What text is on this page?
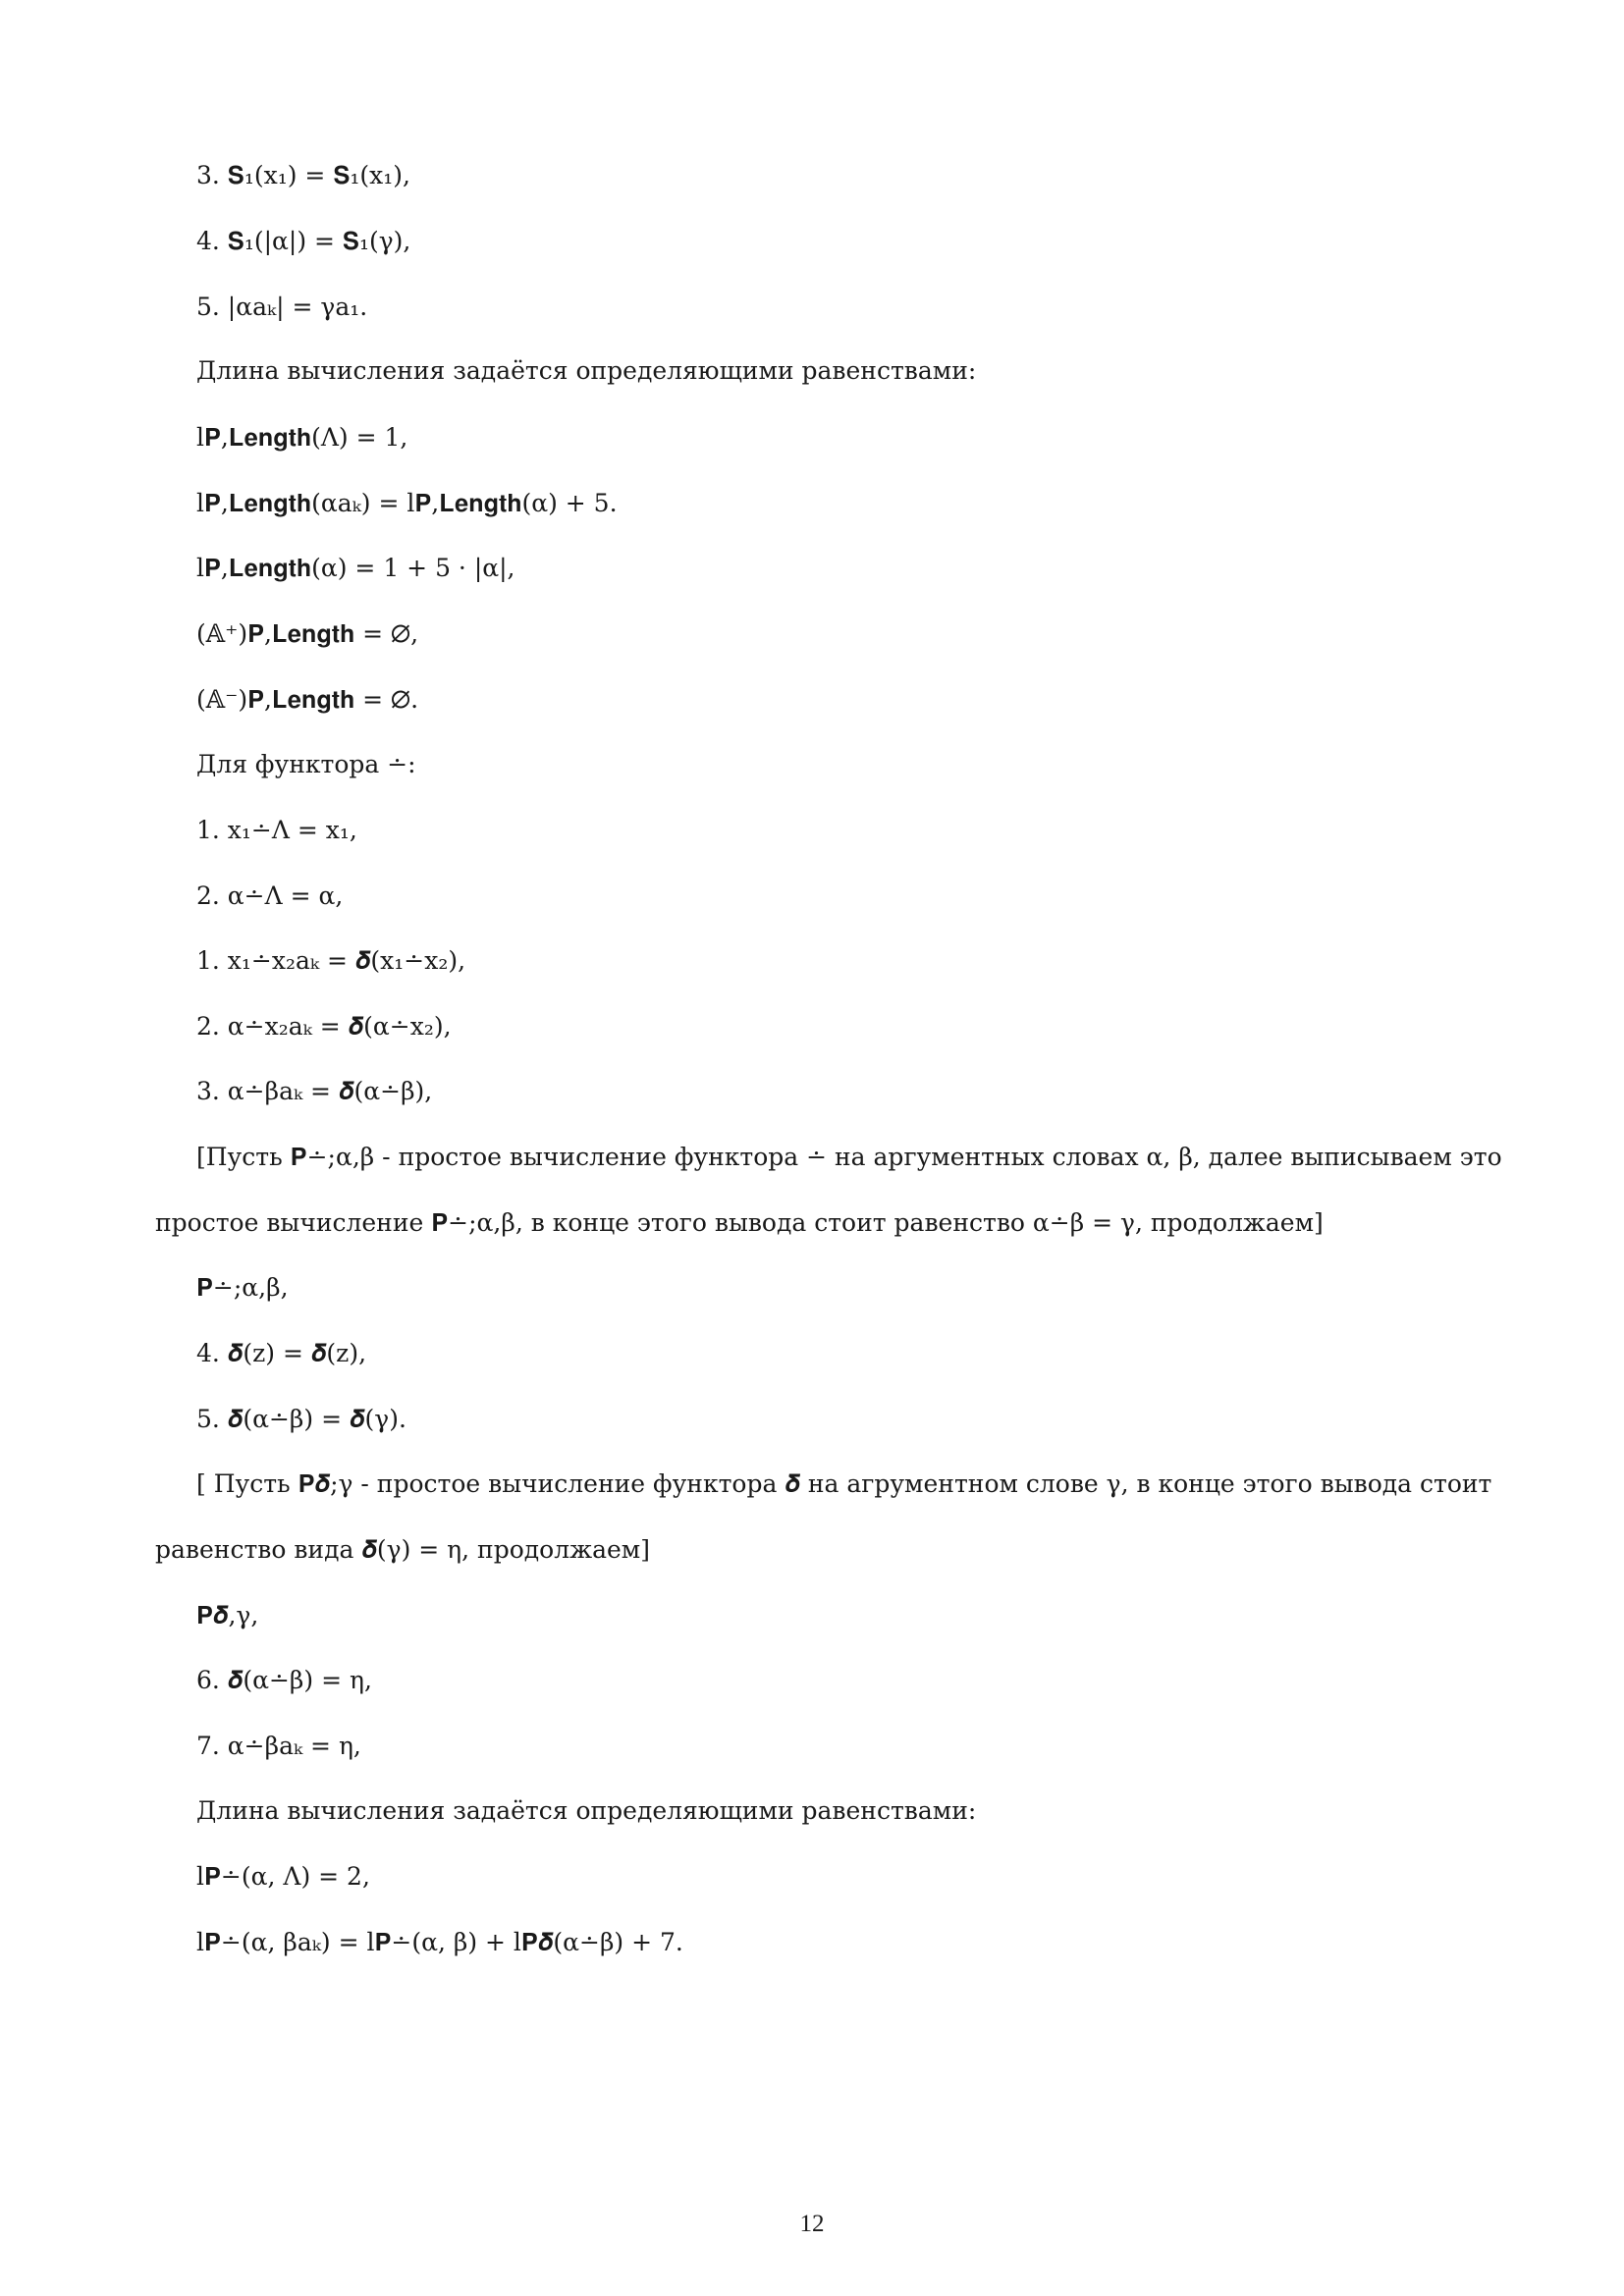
3. 𝐒₁(x₁) = 𝐒₁(x₁),
4. 𝐒₁(|α|) = 𝐒₁(γ),
5. |αaₖ| = γa₁.
Длина вычисления задаётся определяющими равенствами:
l𝐏,𝐋𝐞𝐧𝐠𝐭𝐡(Λ) = 1,
l𝐏,𝐋𝐞𝐧𝐠𝐭𝐡(αaₖ) = l𝐏,𝐋𝐞𝐧𝐠𝐭𝐡(α) + 5.
l𝐏,𝐋𝐞𝐧𝐠𝐭𝐡(α) = 1 + 5 · |α|,
(𝔸⁺)𝐏,𝐋𝐞𝐧𝐠𝐭𝐡 = ∅,
(𝔸⁻)𝐏,𝐋𝐞𝐧𝐠𝐭𝐡 = ∅.
Для функтора ∸:
1. x₁∸Λ = x₁,
2. α∸Λ = α,
1. x₁∸x₂aₖ = 𝜹(x₁∸x₂),
2. α∸x₂aₖ = 𝜹(α∸x₂),
3. α∸βaₖ = 𝜹(α∸β),
[Пусть 𝐏∸;α,β - простое вычисление функтора ∸ на аргументных словах α, β, далее выписываем это
простое вычисление 𝐏∸;α,β, в конце этого вывода стоит равенство α∸β = γ, продолжаем]
𝐏∸;α,β,
4. 𝜹(z) = 𝜹(z),
5. 𝜹(α∸β) = 𝜹(γ).
[ Пусть 𝐏𝜹;γ - простое вычисление функтора 𝜹 на агрументном слове γ, в конце этого вывода стоит
равенство вида 𝜹(γ) = η, продолжаем]
𝐏𝜹,γ,
6. 𝜹(α∸β) = η,
7. α∸βaₖ = η,
Длина вычисления задаётся определяющими равенствами:
l𝐏∸(α, Λ) = 2,
l𝐏∸(α, βaₖ) = l𝐏∸(α, β) + l𝐏𝜹(α∸β) + 7.
12
